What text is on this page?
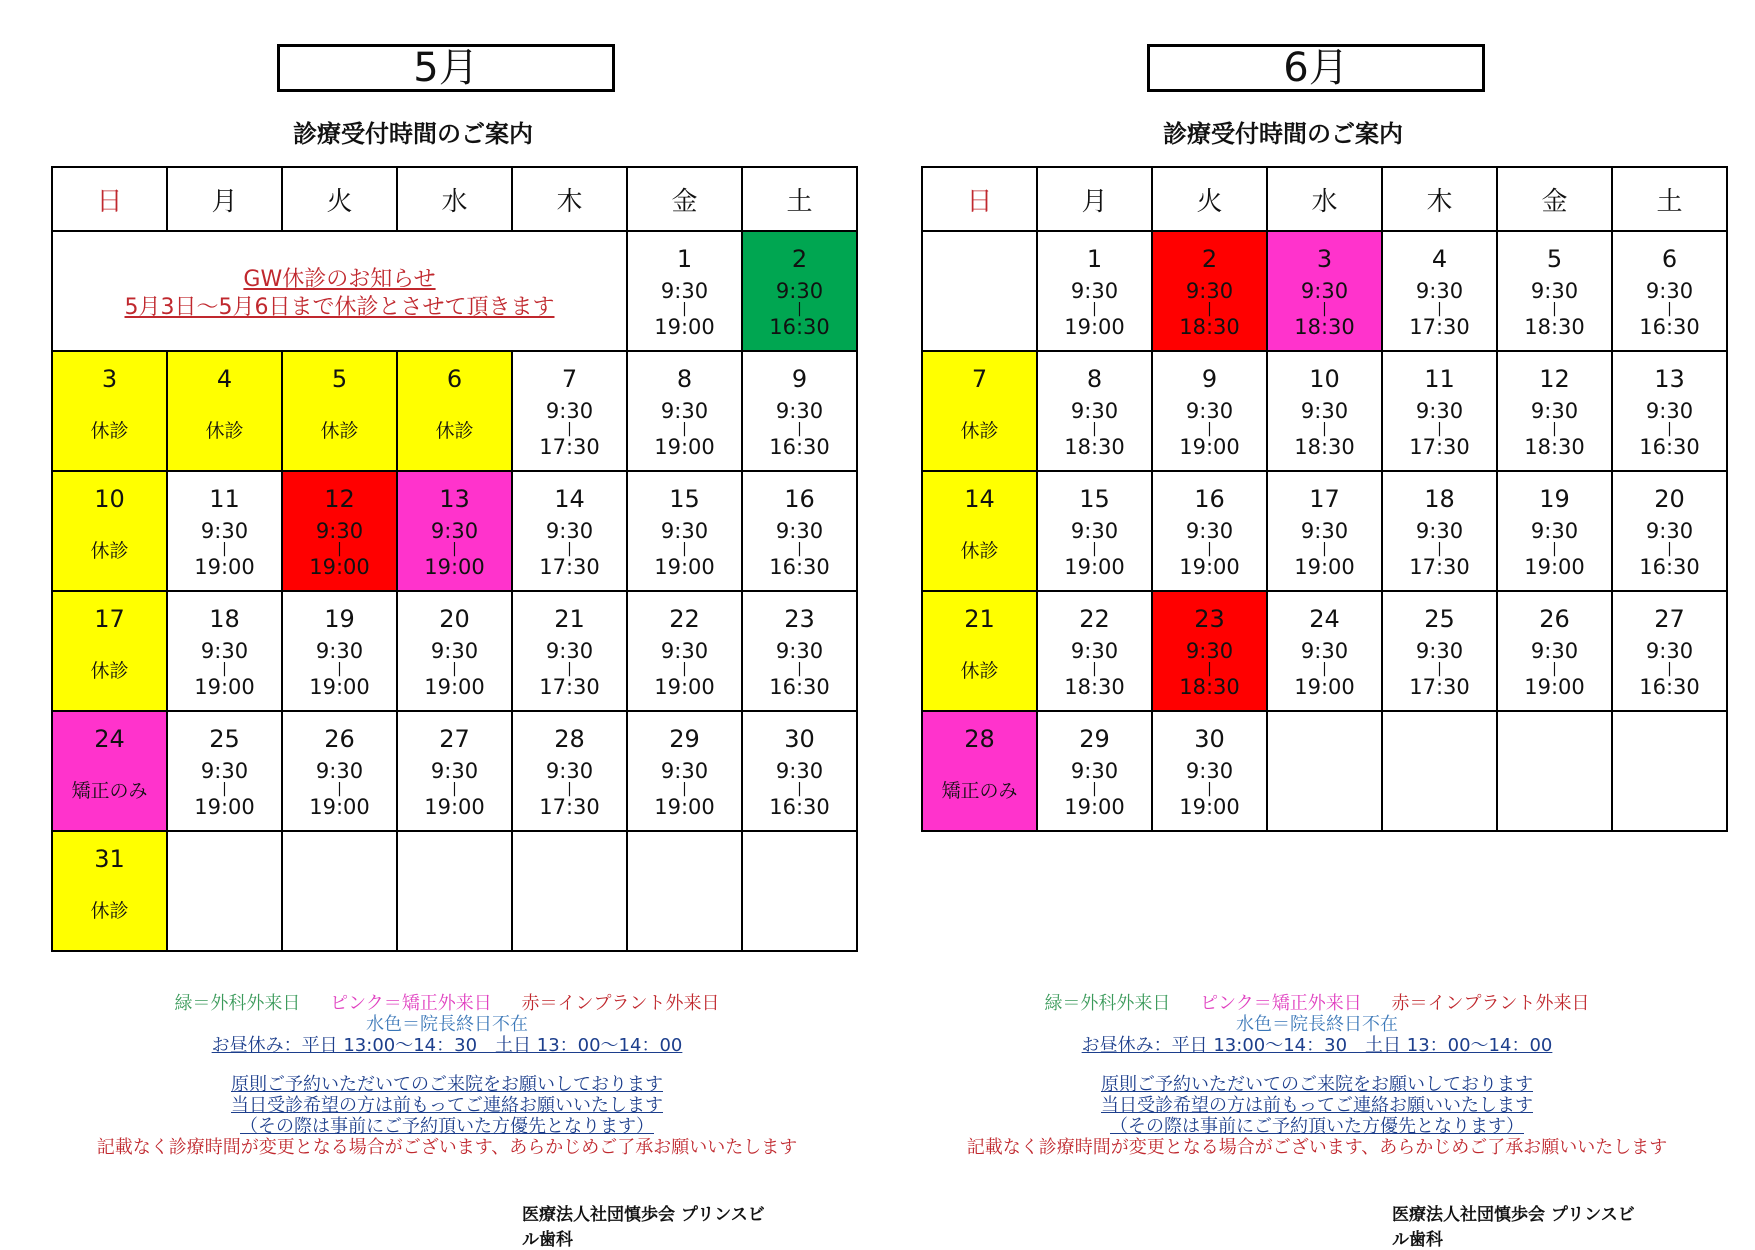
5月
診療受付時間のご案内
日	月	火	水	木	金	土

GW休診のお知らせ
5月3日～5月6日まで休診とさせて頂きます					1
9:30
|
19:00	2
9:30
|
16:30

3
休診	4
休診	5
休診	6
休診	7
9:30
|
17:30	8
9:30
|
19:00	9
9:30
|
16:30

10
休診	11
9:30
|
19:00	12
9:30
|
19:00	13
9:30
|
19:00	14
9:30
|
17:30	15
9:30
|
19:00	16
9:30
|
16:30

17
休診	18
9:30
|
19:00	19
9:30
|
19:00	20
9:30
|
19:00	21
9:30
|
17:30	22
9:30
|
19:00	23
9:30
|
16:30

24
矯正のみ	25
9:30
|
19:00	26
9:30
|
19:00	27
9:30
|
19:00	28
9:30
|
17:30	29
9:30
|
19:00	30
9:30
|
16:30

31
休診						

緑＝外科外来日 ピンク＝矯正外来日 赤＝インプラント外来日
水色＝院長終日不在
お昼休み：平日 13:00～14：30　土日 13：00～14：00
原則ご予約いただいてのご来院をお願いしております
当日受診希望の方は前もってご連絡お願いいたします
（その際は事前にご予約頂いた方優先となります）
記載なく診療時間が変更となる場合がございます、あらかじめご了承お願いいたします
医療法人社団慎歩会 プリンスビル歯科
6月
診療受付時間のご案内
日	月	火	水	木	金	土

	1
9:30
|
19:00	2
9:30
|
18:30	3
9:30
|
18:30	4
9:30
|
17:30	5
9:30
|
18:30	6
9:30
|
16:30

7
休診	8
9:30
|
18:30	9
9:30
|
19:00	10
9:30
|
18:30	11
9:30
|
17:30	12
9:30
|
18:30	13
9:30
|
16:30

14
休診	15
9:30
|
19:00	16
9:30
|
19:00	17
9:30
|
19:00	18
9:30
|
17:30	19
9:30
|
19:00	20
9:30
|
16:30

21
休診	22
9:30
|
18:30	23
9:30
|
18:30	24
9:30
|
19:00	25
9:30
|
17:30	26
9:30
|
19:00	27
9:30
|
16:30

28
矯正のみ	29
9:30
|
19:00	30
9:30
|
19:00				

緑＝外科外来日 ピンク＝矯正外来日 赤＝インプラント外来日
水色＝院長終日不在
お昼休み：平日 13:00～14：30　土日 13：00～14：00
原則ご予約いただいてのご来院をお願いしております
当日受診希望の方は前もってご連絡お願いいたします
（その際は事前にご予約頂いた方優先となります）
記載なく診療時間が変更となる場合がございます、あらかじめご了承お願いいたします
医療法人社団慎歩会 プリンスビル歯科
